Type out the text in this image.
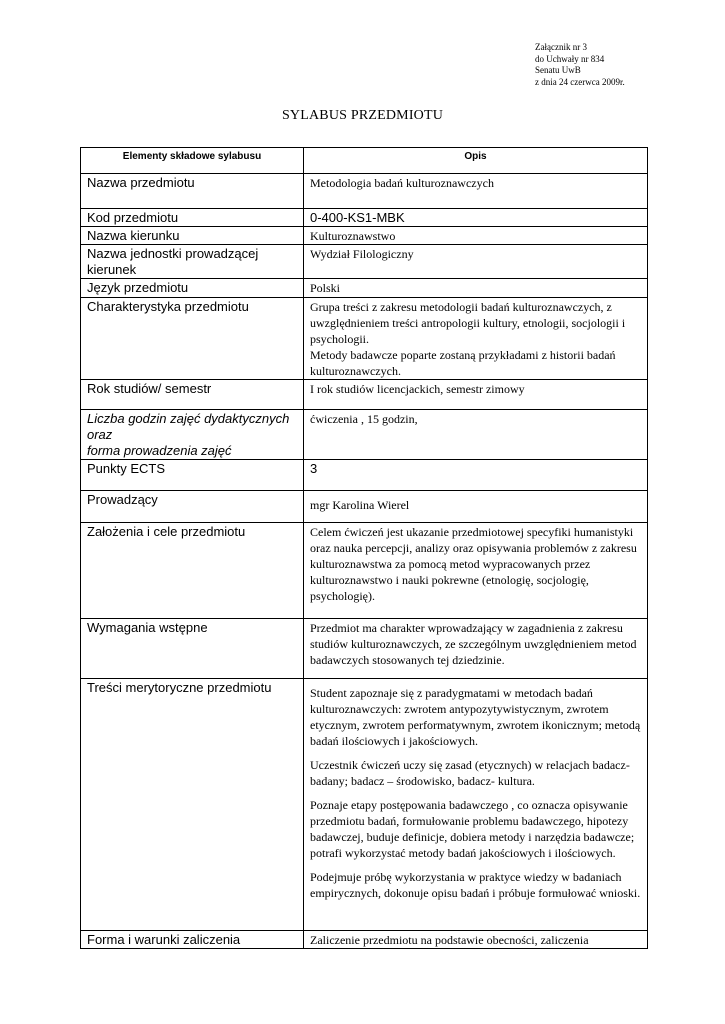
Załącznik nr 3
do Uchwały nr 834
Senatu UwB
z dnia 24 czerwca 2009r.
SYLABUS PRZEDMIOTU
Elementy składowe sylabusu	Opis
Nazwa przedmiotu	Metodologia badań kulturoznawczych
Kod przedmiotu	0-400-KS1-MBK
Nazwa kierunku	Kulturoznawstwo
Nazwa jednostki prowadzącej kierunek	Wydział Filologiczny
Język przedmiotu	Polski
Charakterystyka przedmiotu	Grupa treści z zakresu metodologii badań kulturoznawczych, z uwzględnieniem treści antropologii kultury, etnologii, socjologii i psychologii.

Metody badawcze poparte zostaną przykładami z historii badań kulturoznawczych.

Rok studiów/ semestr	I rok studiów licencjackich, semestr zimowy

Liczba godzin zajęć dydaktycznych oraz
forma prowadzenia zajęć	ćwiczenia , 15 godzin,
Punkty ECTS	3
Prowadzący	mgr Karolina Wierel
Założenia i cele przedmiotu	Celem ćwiczeń jest ukazanie przedmiotowej specyfiki humanistyki oraz nauka percepcji, analizy oraz opisywania problemów z zakresu kulturoznawstwa za pomocą metod wypracowanych przez kulturoznawstwo i nauki pokrewne (etnologię, socjologię, psychologię).
Wymagania wstępne	Przedmiot ma charakter wprowadzający w zagadnienia z zakresu studiów kulturoznawczych, ze szczególnym uwzględnieniem metod badawczych stosowanych tej dziedzinie.
Treści merytoryczne przedmiotu	Student zapoznaje się z paradygmatami w metodach badań kulturoznawczych: zwrotem antypozytywistycznym, zwrotem etycznym, zwrotem performatywnym, zwrotem ikonicznym; metodą badań ilościowych i jakościowych.

Uczestnik ćwiczeń uczy się zasad (etycznych) w relacjach badacz-badany; badacz – środowisko, badacz- kultura.

Poznaje etapy postępowania badawczego , co oznacza opisywanie przedmiotu badań, formułowanie problemu badawczego, hipotezy badawczej, buduje definicje, dobiera metody i narzędzia badawcze; potrafi wykorzystać metody badań jakościowych i ilościowych.

Podejmuje próbę wykorzystania w praktyce wiedzy w badaniach empirycznych, dokonuje opisu badań i próbuje formułować wnioski.

Forma i warunki zaliczenia	Zaliczenie przedmiotu na podstawie obecności, zaliczenia
